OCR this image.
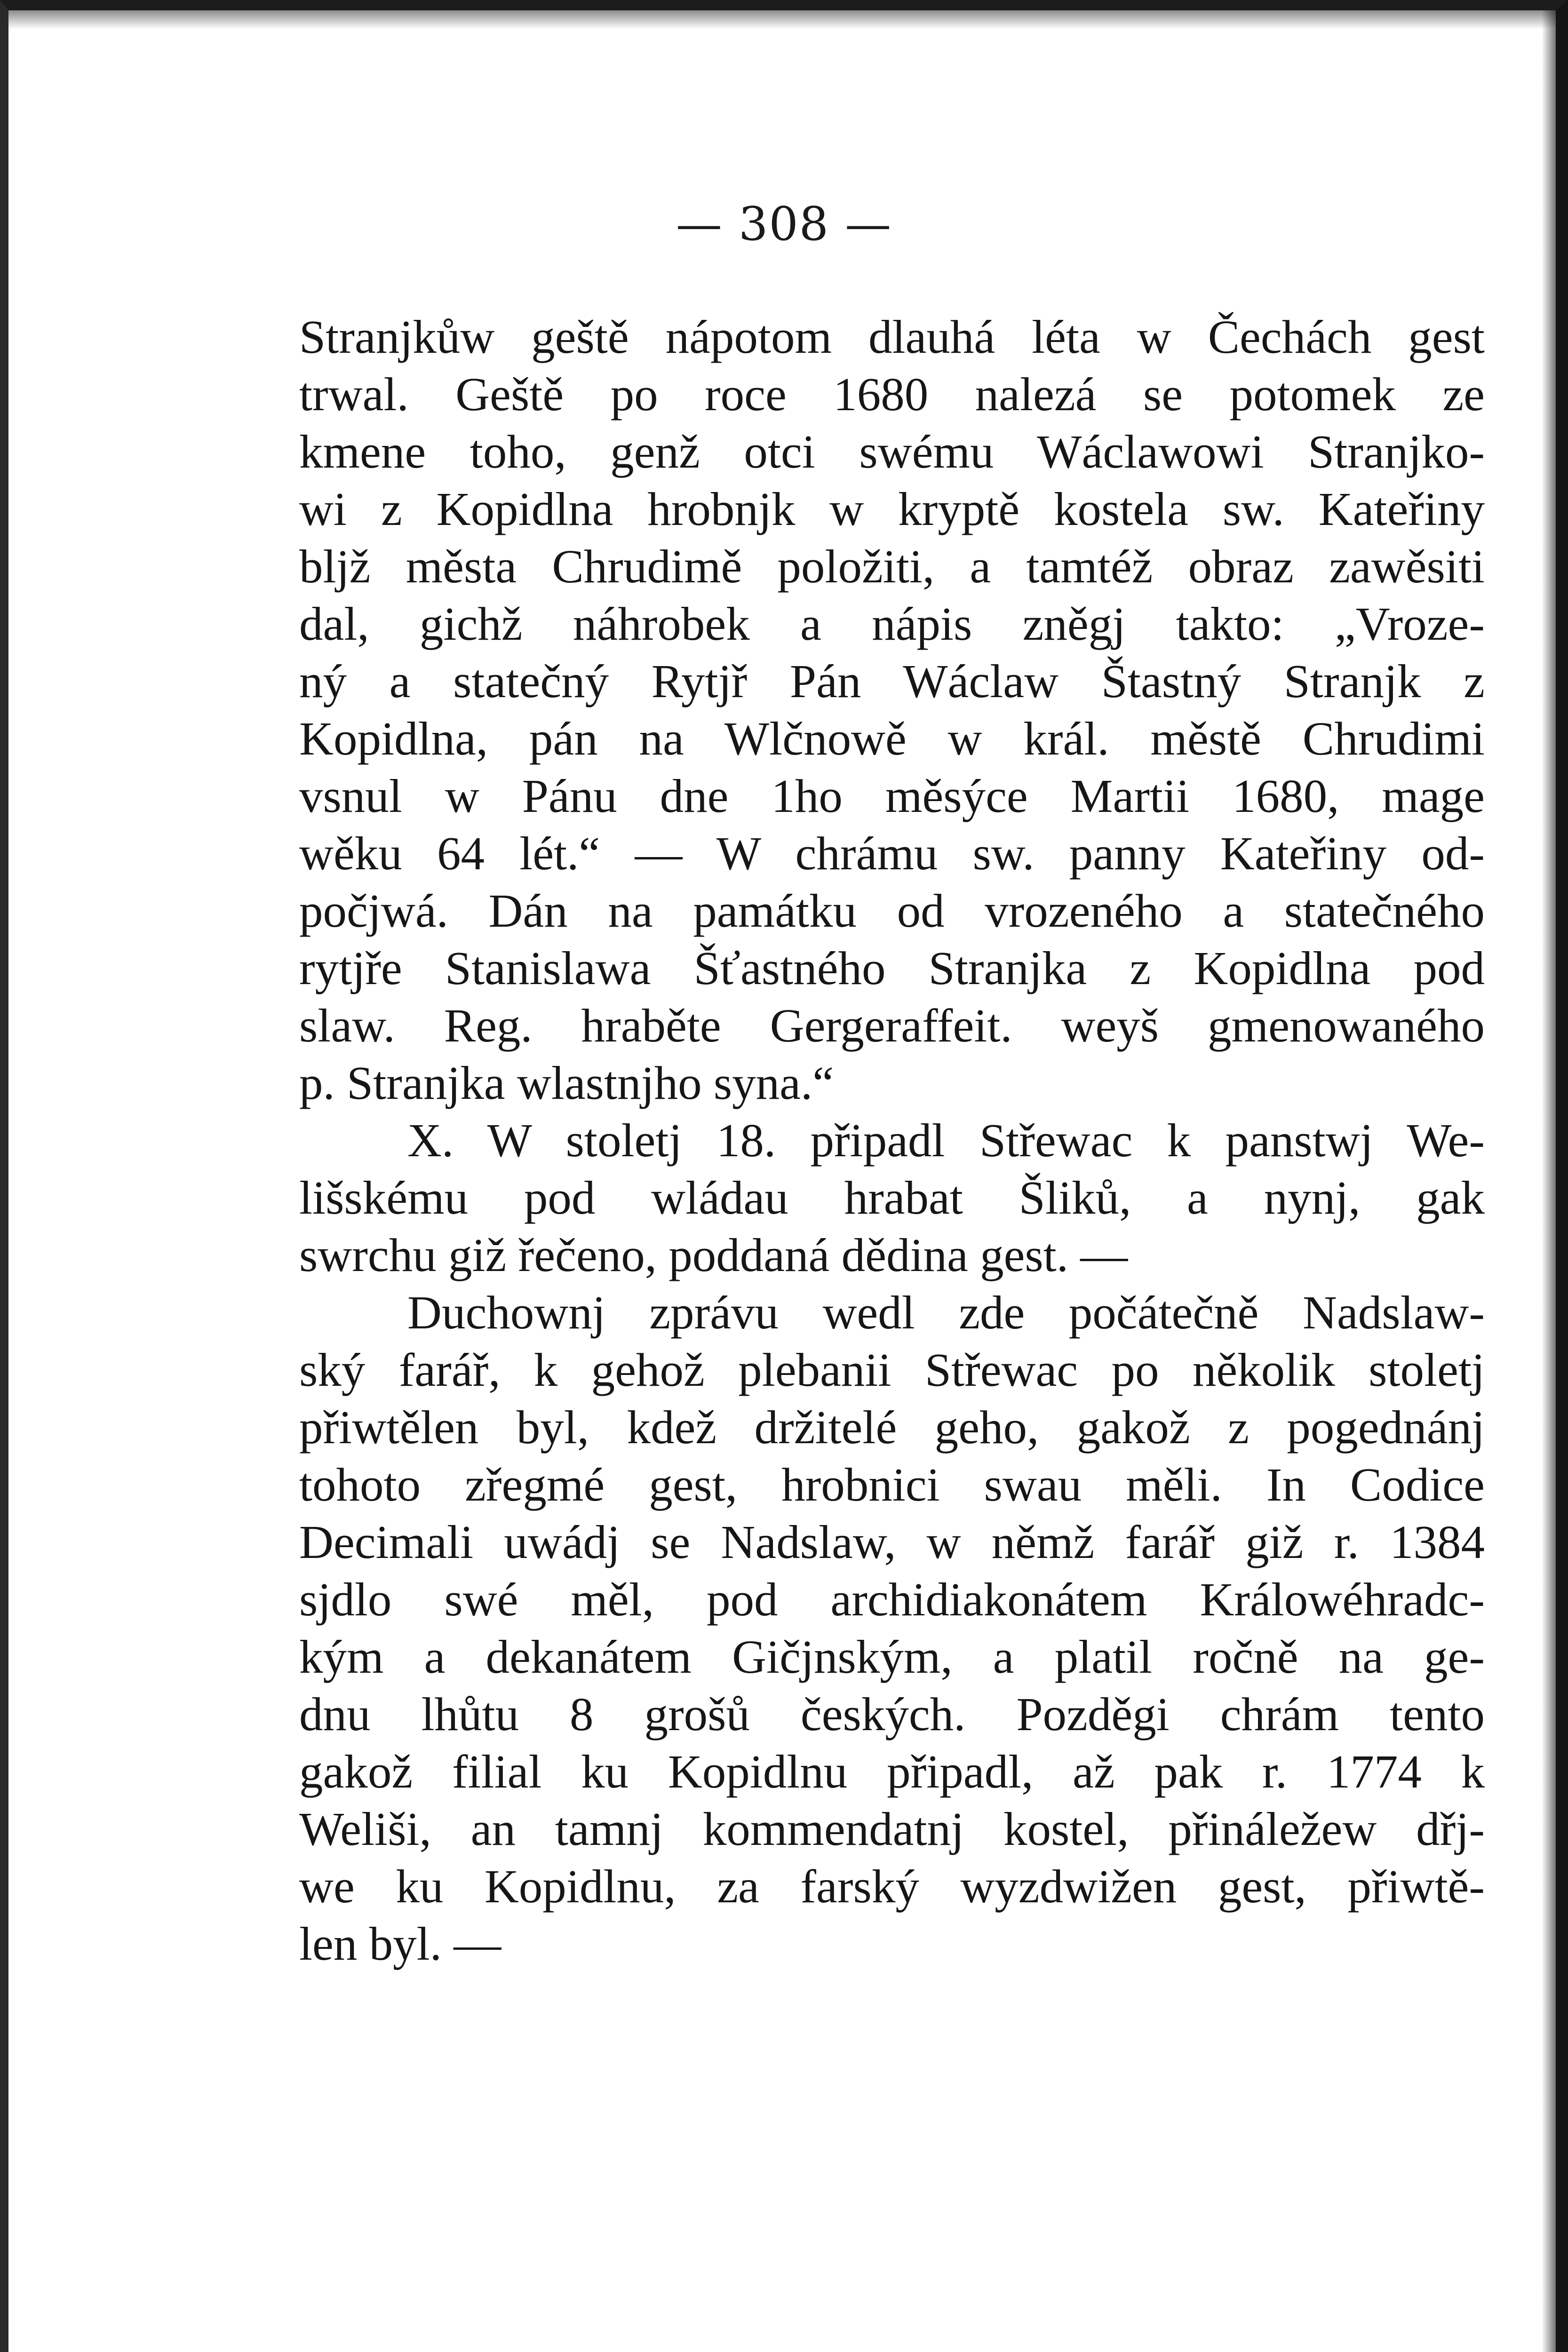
— 308 —
Stranjkůw geště nápotom dlauhá léta w Čechách gest
trwal. Geště po roce 1680 nalezá se potomek ze
kmene toho, genž otci swému Wáclawowi Stranjko-
wi z Kopidlna hrobnjk w kryptě kostela sw. Kateřiny
bljž města Chrudimě položiti, a tamtéž obraz zawěsiti
dal, gichž náhrobek a nápis zněgj takto: „Vroze-
ný a statečný Rytjř Pán Wáclaw Štastný Stranjk z
Kopidlna, pán na Wlčnowě w král. městě Chrudimi
vsnul w Pánu dne 1ho měsýce Martii 1680, mage
wěku 64 lét.“ — W chrámu sw. panny Kateřiny od-
počjwá. Dán na památku od vrozeného a statečného
rytjře Stanislawa Šťastného Stranjka z Kopidlna pod
slaw. Reg. hraběte Gergeraffeit. weyš gmenowaného
p. Stranjka wlastnjho syna.“
X. W stoletj 18. připadl Střewac k panstwj We-
lišskému pod wládau hrabat Šliků, a nynj, gak
swrchu giž řečeno, poddaná dědina gest. —
Duchownj zprávu wedl zde počátečně Nadslaw-
ský farář, k gehož plebanii Střewac po několik stoletj
přiwtělen byl, kdež držitelé geho, gakož z pogednánj
tohoto zřegmé gest, hrobnici swau měli. In Codice
Decimali uwádj se Nadslaw, w němž farář giž r. 1384
sjdlo swé měl, pod archidiakonátem Králowéhradc-
kým a dekanátem Gičjnským, a platil ročně na ge-
dnu lhůtu 8 grošů českých. Pozděgi chrám tento
gakož filial ku Kopidlnu připadl, až pak r. 1774 k
Weliši, an tamnj kommendatnj kostel, přináležew dřj-
we ku Kopidlnu, za farský wyzdwižen gest, přiwtě-
len byl. —
